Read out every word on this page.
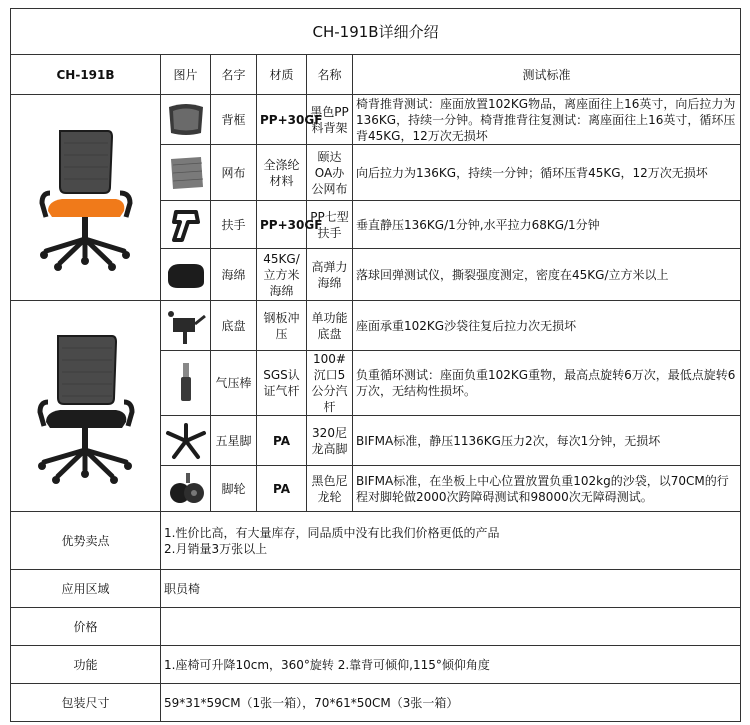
CH-191B详细介绍					
CH-191B	图片	名字	材质	名称	测试标准

	背框	PP+30GF	黑色PP料背架	椅背推背测试：座面放置102KG物品，离座面往上16英寸，向后拉力为136KG，持续一分钟。椅背推背往复测试：离座面往上16英寸，循环压背45KG，12万次无损坏

	网布	全涤纶材料	颐达OA办公网布	向后拉力为136KG，持续一分钟；循环压背45KG，12万次无损坏

	扶手	PP+30GF	PP七型扶手	垂直静压136KG/1分钟,水平拉力68KG/1分钟

	海绵	45KG/立方米海绵	高弹力海绵	落球回弹测试仪，撕裂强度测定，密度在45KG/立方米以上

	底盘	钢板冲压	单功能底盘	座面承重102KG沙袋往复后拉力次无损坏

	气压棒	SGS认证气杆	100#沉口5公分汽杆	负重循环测试：座面负重102KG重物，最高点旋转6万次，最低点旋转6万次，无结构性损坏。

	五星脚	PA	320尼龙高脚	BIFMA标准，静压1136KG压力2次，每次1分钟，无损坏

	脚轮	PA	黑色尼龙轮	BIFMA标准，在坐板上中心位置放置负重102kg的沙袋，以70CM的行程对脚轮做2000次跨障碍测试和98000次无障碍测试。
优势卖点	1.性价比高，有大量库存，同品质中没有比我们价格更低的产品
2.月销量3万张以上				

应用区域	职员椅				
价格					
功能	1.座椅可升降10cm，360°旋转 2.靠背可倾仰,115°倾仰角度				
包装尺寸	59*31*59CM（1张一箱），70*61*50CM（3张一箱）				
